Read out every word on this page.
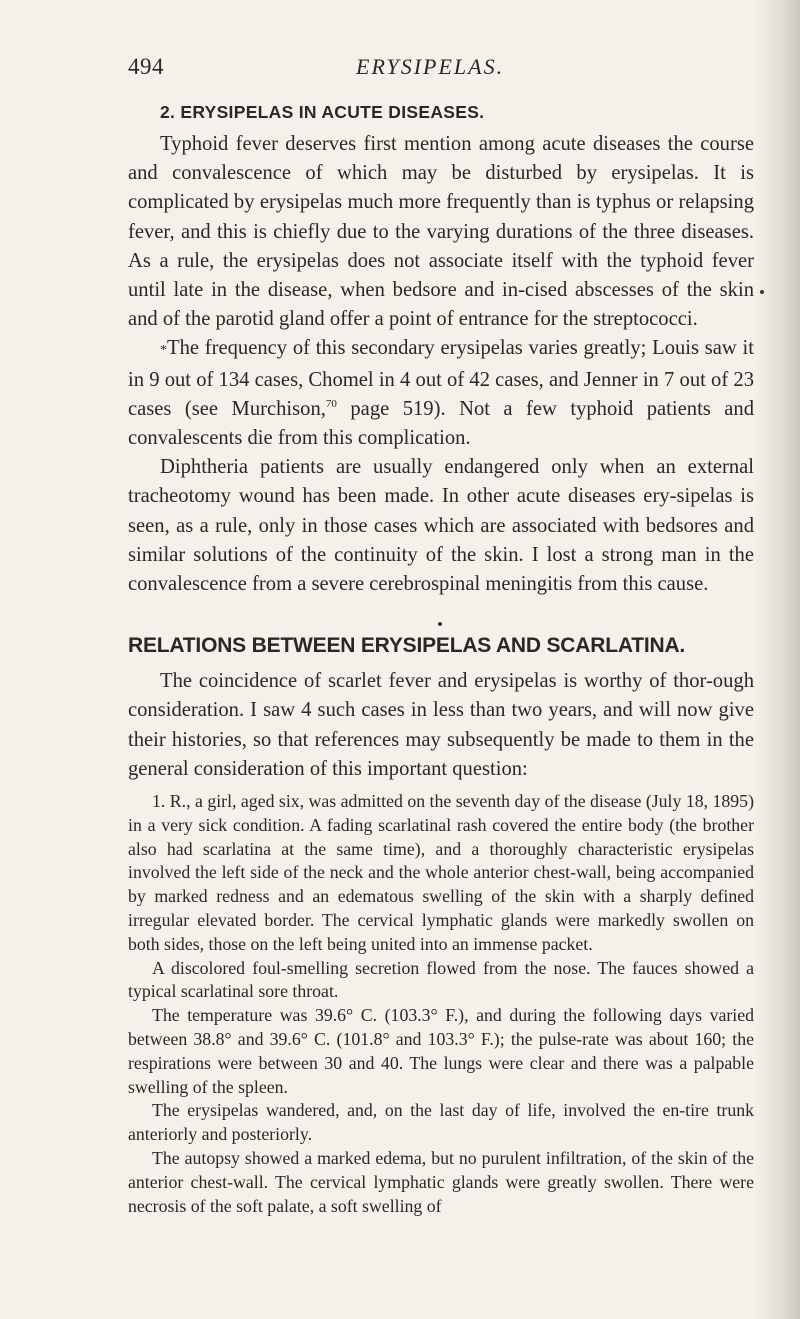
494	ERYSIPELAS.
2. ERYSIPELAS IN ACUTE DISEASES.

Typhoid fever deserves first mention among acute diseases the course and convalescence of which may be disturbed by erysipelas. It is complicated by erysipelas much more frequently than is typhus or relapsing fever, and this is chiefly due to the varying durations of the three diseases. As a rule, the erysipelas does not associate itself with the typhoid fever until late in the disease, when bedsore and in-cised abscesses of the skin and of the parotid gland offer a point of entrance for the streptococci.

*The frequency of this secondary erysipelas varies greatly; Louis saw it in 9 out of 134 cases, Chomel in 4 out of 42 cases, and Jenner in 7 out of 23 cases (see Murchison,$^{70}$ page 519). Not a few typhoid patients and convalescents die from this complication.

Diphtheria patients are usually endangered only when an external tracheotomy wound has been made. In other acute diseases ery-sipelas is seen, as a rule, only in those cases which are associated with bedsores and similar solutions of the continuity of the skin. I lost a strong man in the convalescence from a severe cerebrospinal meningitis from this cause.

RELATIONS BETWEEN ERYSIPELAS AND SCARLATINA.

The coincidence of scarlet fever and erysipelas is worthy of thor-ough consideration. I saw 4 such cases in less than two years, and will now give their histories, so that references may subsequently be made to them in the general consideration of this important question:

1. R., a girl, aged six, was admitted on the seventh day of the disease (July 18, 1895) in a very sick condition. A fading scarlatinal rash covered the entire body (the brother also had scarlatina at the same time), and a thoroughly characteristic erysipelas involved the left side of the neck and the whole anterior chest-wall, being accompanied by marked redness and an edematous swelling of the skin with a sharply defined irregular elevated border. The cervical lymphatic glands were markedly swollen on both sides, those on the left being united into an immense packet.

A discolored foul-smelling secretion flowed from the nose. The fauces showed a typical scarlatinal sore throat.

The temperature was 39.6° C. (103.3° F.), and during the following days varied between 38.8° and 39.6° C. (101.8° and 103.3° F.); the pulse-rate was about 160; the respirations were between 30 and 40. The lungs were clear and there was a palpable swelling of the spleen.

The erysipelas wandered, and, on the last day of life, involved the en-tire trunk anteriorly and posteriorly.

The autopsy showed a marked edema, but no purulent infiltration, of the skin of the anterior chest-wall. The cervical lymphatic glands were greatly swollen. There were necrosis of the soft palate, a soft swelling of
